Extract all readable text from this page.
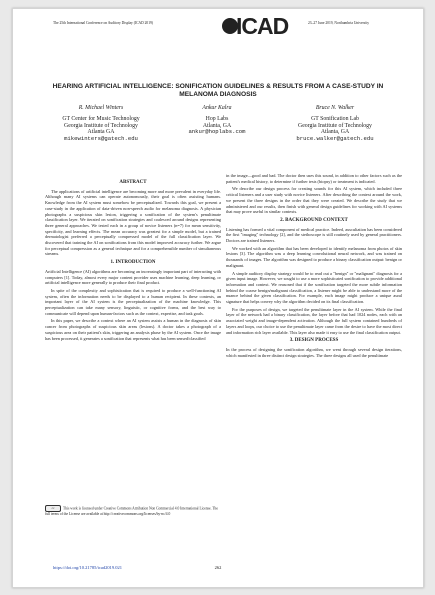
The 25th International Conference on Auditory Display (ICAD 2019)	ICAD	23–27 June 2019, Northumbria University
HEARING ARTIFICIAL INTELLIGENCE: SONIFICATION GUIDELINES & RESULTS FROM A CASE-STUDY IN MELANOMA DIAGNOSIS
R. Michael Winters
GT Center for Music Technology
Georgia Institute of Technology
Atlanta GA
mikewinters@gatech.edu
Ankur Kalra
Hop Labs
Atlanta, GA
ankur@hoplabs.com
Bruce N. Walker
GT Sonification Lab
Georgia Institute of Technology
Atlanta, GA
bruce.walker@gatech.edu
ABSTRACT

The applications of artificial intelligence are becoming more and more prevalent in everyday life. Although many AI systems can operate autonomously, their goal is often assisting humans. Knowledge from the AI system must somehow be perceptualized. Towards this goal, we present a case-study in the application of data-driven non-speech audio for melanoma diagnosis. A physician photographs a suspicious skin lesion, triggering a sonification of the system's penultimate classification layer. We iterated on sonification strategies and coalesced around designs representing three general approaches. We tested each in a group of novice listeners (n=7) for mean sensitivity, specificity, and learning effects. The mean accuracy was greatest for a simple model, but a trained dermatologist preferred a perceptually compressed model of the full classification layer. We discovered that training the AI on sonifications from this model improved accuracy further. We argue for perceptual compression as a general technique and for a comprehensible number of simultaneous streams.

1. INTRODUCTION

Artificial Intelligence (AI) algorithms are becoming an increasingly important part of interacting with computers [1]. Today, almost every major content provider uses machine learning, deep learning, or artificial intelligence more generally to produce their final product.

In spite of the complexity and sophistication that is required to produce a well-functioning AI system, often the information needs to be displayed to a human recipient. In these contexts, an important layer of the AI system is the perceptualization of the machine knowledge. This perceptualization can take many sensory, linguistic, or cognitive forms, and the best way to communicate will depend upon human-factors such as the context, expertise, and task goals.

In this paper, we describe a context where an AI system assists a human in the diagnosis of skin cancer from photographs of suspicious skin areas (lesions). A doctor takes a photograph of a suspicious area on their patient's skin, triggering an analysis phase by the AI system. Once the image has been processed, it generates a sonification that represents what has been sensed/classified

cc This work is licensed under Creative Commons Attribution Non Commercial 4.0 International License. The full terms of the License are available at http://creativecommons.org/licenses/by-nc/4.0

in the image—good and bad. The doctor then uses this sound, in addition to other factors such as the patient's medical history, to determine if further tests (biopsy) or treatment is indicated.

We describe our design process for creating sounds for this AI system, which included three critical listeners and a user study with novice listeners. After describing the context around the work, we present the three designs in the order that they were created. We describe the study that we administered and our results, then finish with general design guidelines for working with AI systems that may prove useful in similar contexts.

2. BACKGROUND CONTEXT

Listening has formed a vital component of medical practice. Indeed, auscultation has been considered the first "imaging" technology [2], and the stethoscope is still routinely used by general practitioners. Doctors are trained listeners.

We worked with an algorithm that has been developed to identify melanoma from photos of skin lesions [3]. The algorithm was a deep learning convolutional neural network, and was trained on thousands of images. The algorithm was designed to produce a binary classification output: benign or malignant.

A simple auditory display strategy would be to read out a "benign" or "malignant" diagnosis for a given input image. However, we sought to use a more sophisticated sonification to provide additional information and context. We reasoned that if the sonification targeted the more subtle information behind the coarse benign/malignant classification, a listener might be able to understand more of the nuance behind the given classification. For example, each image might produce a unique aural signature that helps convey why the algorithm decided on its final classification.

For the purposes of design, we targeted the penultimate layer in the AI system. While the final layer of the network had a binary classification, the layer before that had 1024 nodes, each with an associated weight and image-dependent activation. Although the full system contained hundreds of layers and loops, our choice to use the penultimate layer came from the desire to have the most direct and information rich layer available. This layer also made it easy to use the final classification output.

3. DESIGN PROCESS

In the process of designing the sonification algorithm, we went through several design iterations, which manifested in three distinct design strategies. The three designs all used the penultimate

https://doi.org/10.21785/icad2019.021	262
